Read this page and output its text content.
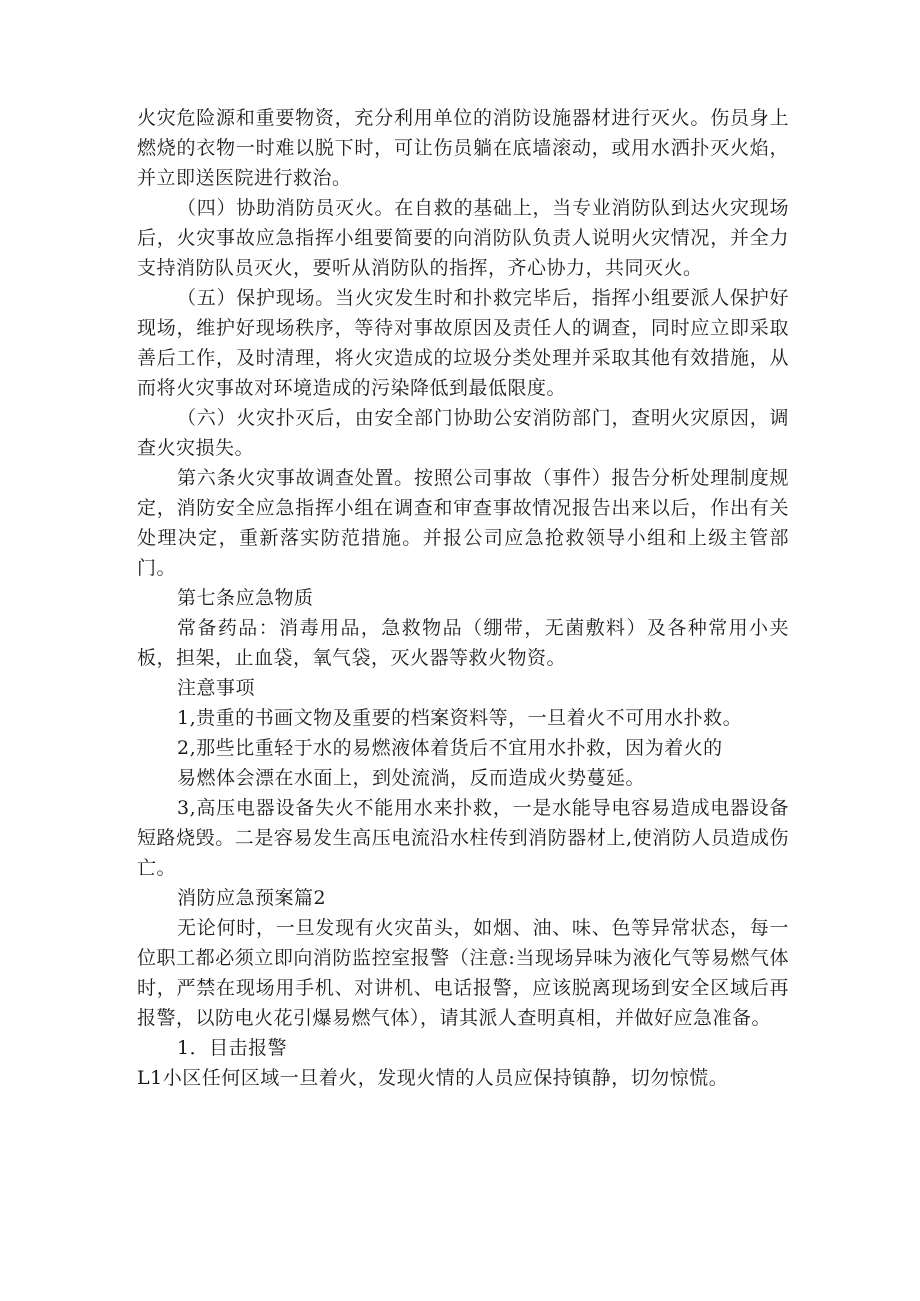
火灾危险源和重要物资，充分利用单位的消防设施器材进行灭火。伤员身上燃烧的衣物一时难以脱下时，可让伤员躺在底墙滚动，或用水洒扑灭火焰，并立即送医院进行救治。

（四）协助消防员灭火。在自救的基础上，当专业消防队到达火灾现场后，火灾事故应急指挥小组要简要的向消防队负责人说明火灾情况，并全力支持消防队员灭火，要听从消防队的指挥，齐心协力，共同灭火。

（五）保护现场。当火灾发生时和扑救完毕后，指挥小组要派人保护好现场，维护好现场秩序，等待对事故原因及责任人的调查，同时应立即采取善后工作，及时清理，将火灾造成的垃圾分类处理并采取其他有效措施，从而将火灾事故对环境造成的污染降低到最低限度。

（六）火灾扑灭后，由安全部门协助公安消防部门，查明火灾原因，调查火灾损失。

第六条火灾事故调查处置。按照公司事故（事件）报告分析处理制度规定，消防安全应急指挥小组在调查和审查事故情况报告出来以后，作出有关处理决定，重新落实防范措施。并报公司应急抢救领导小组和上级主管部门。

第七条应急物质

常备药品：消毒用品，急救物品（绷带，无菌敷料）及各种常用小夹板，担架，止血袋，氧气袋，灭火器等救火物资。

注意事项

1,贵重的书画文物及重要的档案资料等，一旦着火不可用水扑救。

2,那些比重轻于水的易燃液体着货后不宜用水扑救，因为着火的

易燃体会漂在水面上，到处流淌，反而造成火势蔓延。

3,高压电器设备失火不能用水来扑救，一是水能导电容易造成电器设备短路烧毁。二是容易发生高压电流沿水柱传到消防器材上,使消防人员造成伤亡。

消防应急预案篇2

无论何时，一旦发现有火灾苗头，如烟、油、味、色等异常状态，每一位职工都必须立即向消防监控室报警（注意:当现场异味为液化气等易燃气体时，严禁在现场用手机、对讲机、电话报警，应该脱离现场到安全区域后再报警，以防电火花引爆易燃气体），请其派人查明真相，并做好应急准备。

1．目击报警

L1小区任何区域一旦着火，发现火情的人员应保持镇静，切勿惊慌。
